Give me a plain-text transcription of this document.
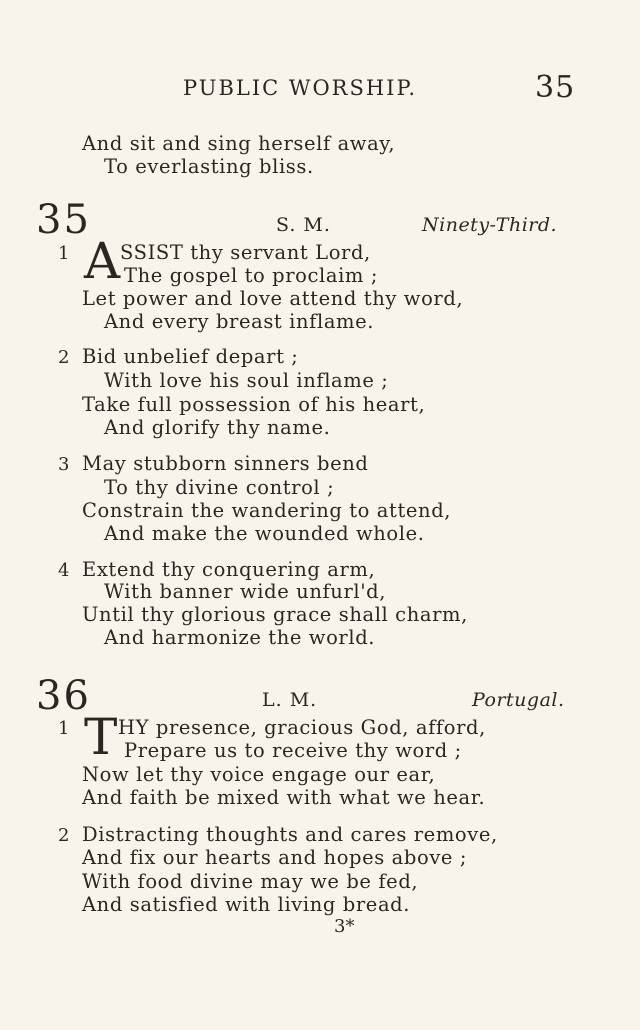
PUBLIC WORSHIP.	35
And sit and sing herself away,
To everlasting bliss.
35	S. M.	Ninety-Third.
1 A SSIST thy servant Lord,
The gospel to proclaim ;
Let power and love attend thy word,
And every breast inflame.
2 Bid unbelief depart ;
With love his soul inflame ;
Take full possession of his heart,
And glorify thy name.
3 May stubborn sinners bend
To thy divine control ;
Constrain the wandering to attend,
And make the wounded whole.
4 Extend thy conquering arm,
With banner wide unfurl'd,
Until thy glorious grace shall charm,
And harmonize the world.
36	L. M.	Portugal.
1 T HY presence, gracious God, afford,
Prepare us to receive thy word ;
Now let thy voice engage our ear,
And faith be mixed with what we hear.
2 Distracting thoughts and cares remove,
And fix our hearts and hopes above ;
With food divine may we be fed,
And satisfied with living bread.
3*
